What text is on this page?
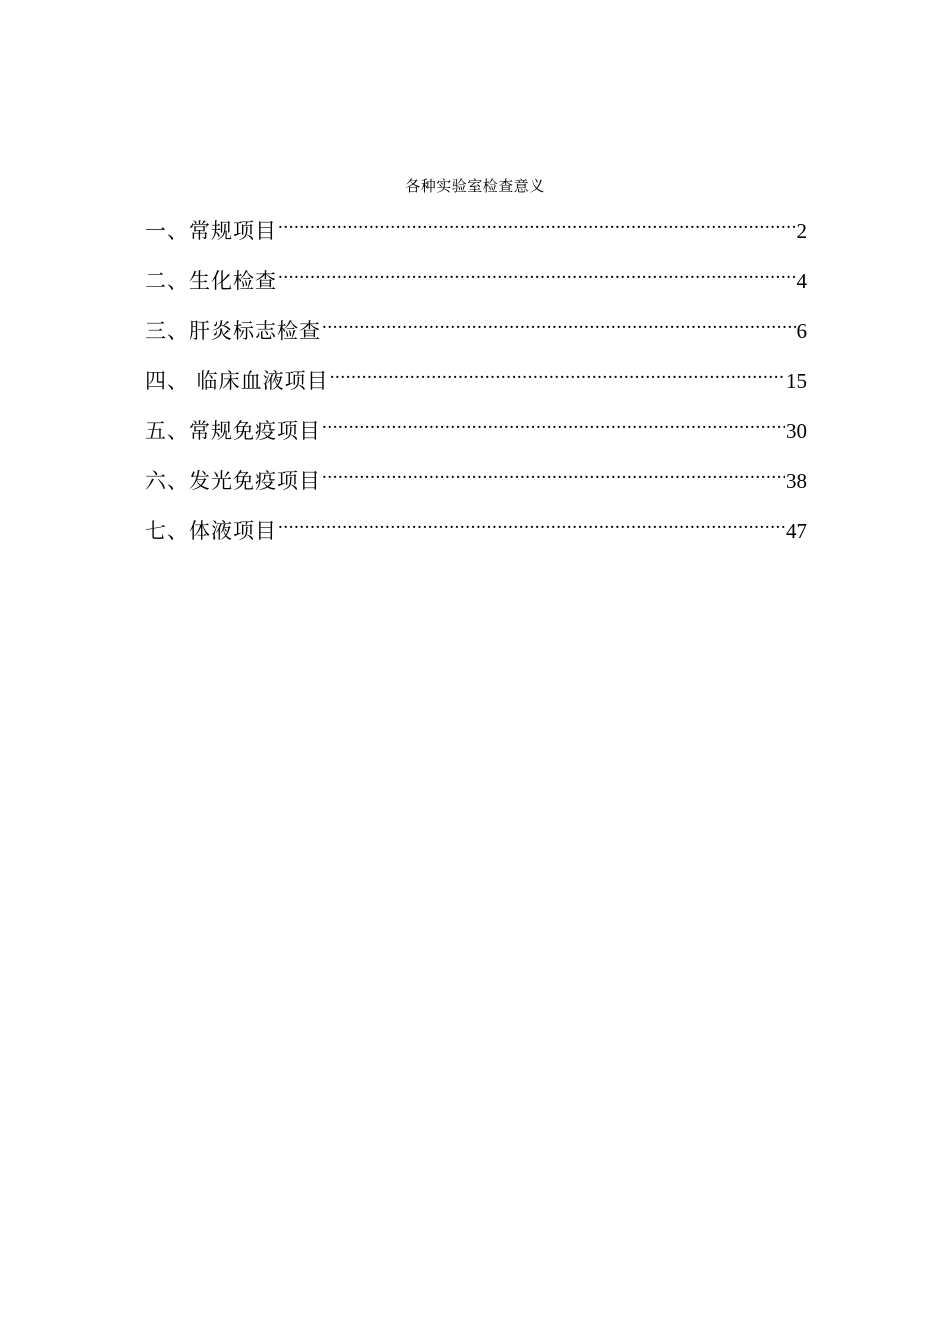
各种实验室检查意义
一、常规项目 .....	2
二、生化检查 .....	4
三、肝炎标志检查 .....	6
四、 临床血液项目 .....	15
五、常规免疫项目 .....	30
六、发光免疫项目 .....	38
七、体液项目 .....	47
